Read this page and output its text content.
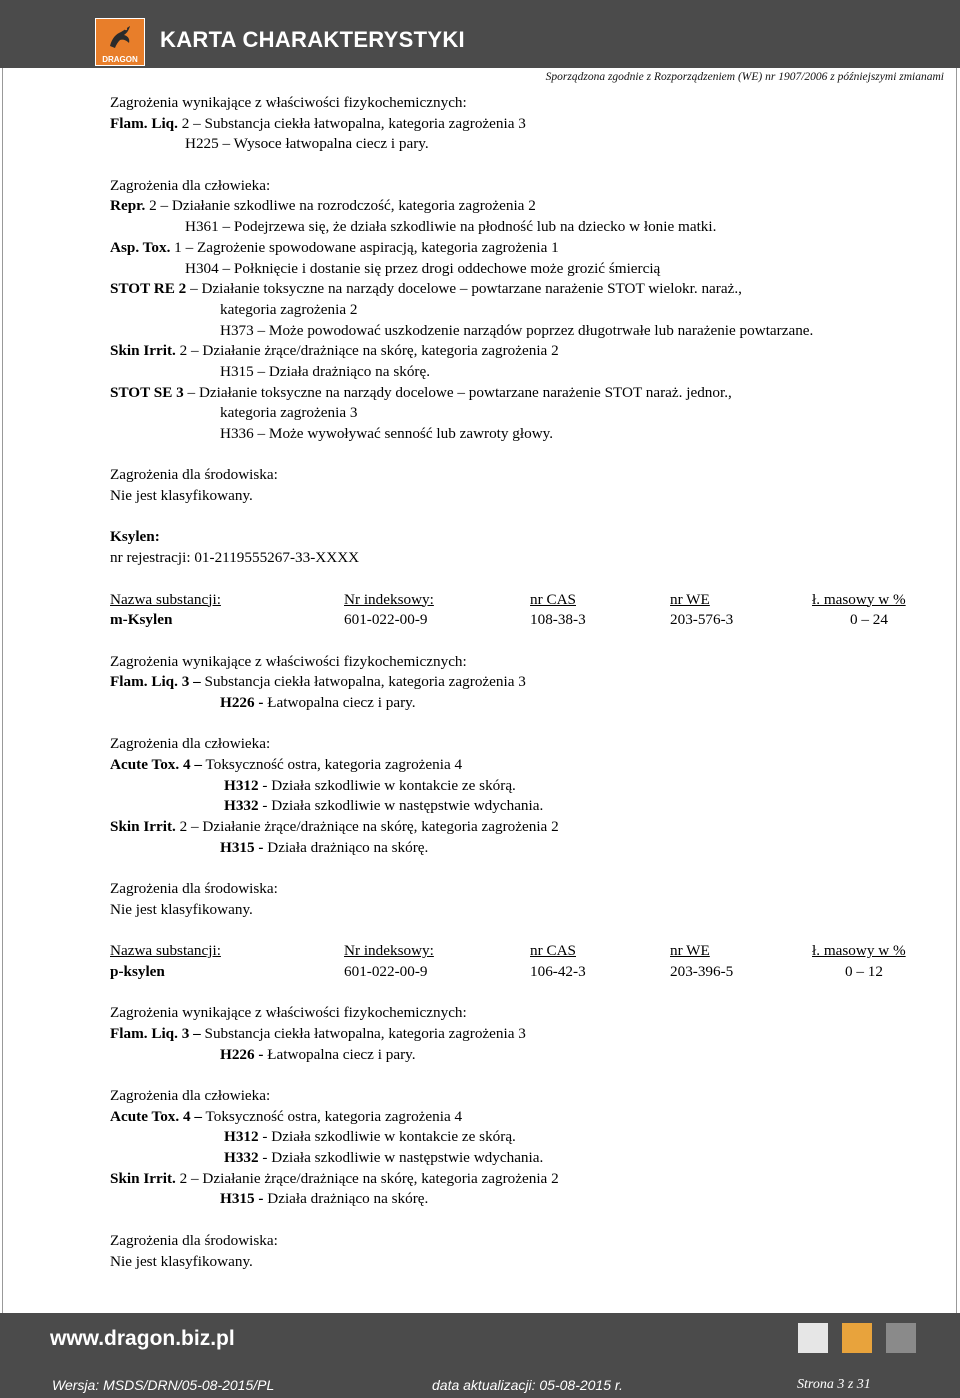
DRAGON
KARTA CHARAKTERYSTYKI
Sporządzona zgodnie z Rozporządzeniem (WE) nr 1907/2006 z późniejszymi zmianami
Zagrożenia wynikające z właściwości fizykochemicznych:
Flam. Liq. 2 – Substancja ciekła łatwopalna, kategoria zagrożenia 3
H225 – Wysoce łatwopalna ciecz i pary.
Zagrożenia dla człowieka:
Repr. 2 – Działanie szkodliwe na rozrodczość, kategoria zagrożenia 2
H361 – Podejrzewa się, że działa szkodliwie na płodność lub na dziecko w łonie matki.
Asp. Tox. 1 – Zagrożenie spowodowane aspiracją, kategoria zagrożenia 1
H304 – Połknięcie i dostanie się przez drogi oddechowe może grozić śmiercią
STOT RE 2 – Działanie toksyczne na narządy docelowe – powtarzane narażenie STOT wielokr. naraż.,
kategoria zagrożenia 2
H373 – Może powodować uszkodzenie narządów poprzez długotrwałe lub narażenie powtarzane.
Skin Irrit. 2 – Działanie żrące/drażniące na skórę, kategoria zagrożenia 2
H315 – Działa drażniąco na skórę.
STOT SE 3 – Działanie toksyczne na narządy docelowe – powtarzane narażenie STOT naraż. jednor.,
kategoria zagrożenia 3
H336 – Może wywoływać senność lub zawroty głowy.
Zagrożenia dla środowiska:
Nie jest klasyfikowany.
Ksylen:
nr rejestracji: 01-2119555267-33-XXXX
Nazwa substancji:	Nr indeksowy:	nr CAS	nr WE	ł. masowy w %
m-Ksylen	601-022-00-9	108-38-3	203-576-3	0 – 24
Zagrożenia wynikające z właściwości fizykochemicznych:
Flam. Liq. 3 – Substancja ciekła łatwopalna, kategoria zagrożenia 3
H226 - Łatwopalna ciecz i pary.
Zagrożenia dla człowieka:
Acute Tox. 4 – Toksyczność ostra, kategoria zagrożenia 4
H312 - Działa szkodliwie w kontakcie ze skórą.
H332 - Działa szkodliwie w następstwie wdychania.
Skin Irrit. 2 – Działanie żrące/drażniące na skórę, kategoria zagrożenia 2
H315 - Działa drażniąco na skórę.
Zagrożenia dla środowiska:
Nie jest klasyfikowany.
Nazwa substancji:	Nr indeksowy:	nr CAS	nr WE	ł. masowy w %
p-ksylen	601-022-00-9	106-42-3	203-396-5	0 – 12
Zagrożenia wynikające z właściwości fizykochemicznych:
Flam. Liq. 3 – Substancja ciekła łatwopalna, kategoria zagrożenia 3
H226 - Łatwopalna ciecz i pary.
Zagrożenia dla człowieka:
Acute Tox. 4 – Toksyczność ostra, kategoria zagrożenia 4
H312 - Działa szkodliwie w kontakcie ze skórą.
H332 - Działa szkodliwie w następstwie wdychania.
Skin Irrit. 2 – Działanie żrące/drażniące na skórę, kategoria zagrożenia 2
H315 - Działa drażniąco na skórę.
Zagrożenia dla środowiska:
Nie jest klasyfikowany.
www.dragon.biz.pl
Wersja: MSDS/DRN/05-08-2015/PL	data aktualizacji: 05-08-2015 r.	Strona 3 z 31
